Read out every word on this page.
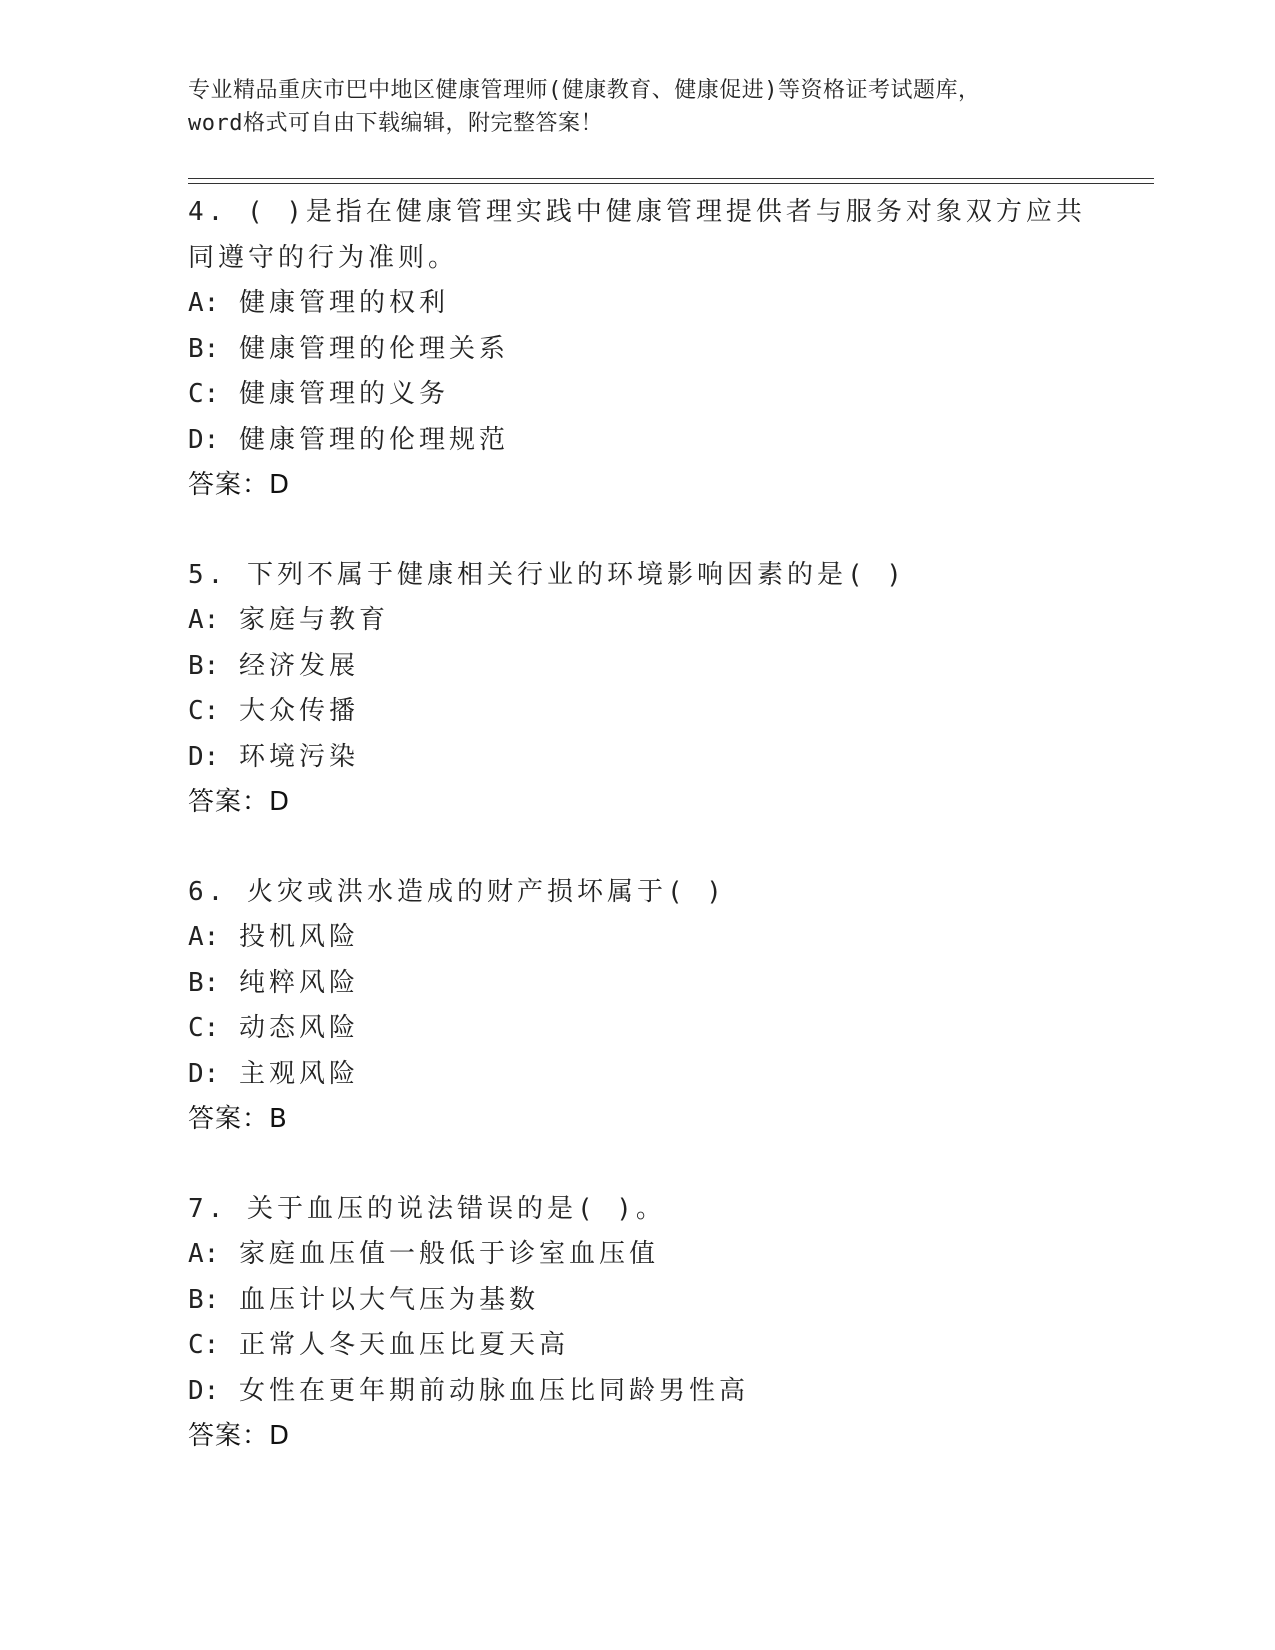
专业精品重庆市巴中地区健康管理师(健康教育、健康促进)等资格证考试题库，

word格式可自由下载编辑，附完整答案！

4. ( )是指在健康管理实践中健康管理提供者与服务对象双方应共

同遵守的行为准则。

A: 健康管理的权利

B: 健康管理的伦理关系

C: 健康管理的义务

D: 健康管理的伦理规范

答案：D

5. 下列不属于健康相关行业的环境影响因素的是( )

A: 家庭与教育

B: 经济发展

C: 大众传播

D: 环境污染

答案：D

6. 火灾或洪水造成的财产损坏属于( )

A: 投机风险

B: 纯粹风险

C: 动态风险

D: 主观风险

答案：B

7. 关于血压的说法错误的是( )。

A: 家庭血压值一般低于诊室血压值

B: 血压计以大气压为基数

C: 正常人冬天血压比夏天高

D: 女性在更年期前动脉血压比同龄男性高

答案：D
